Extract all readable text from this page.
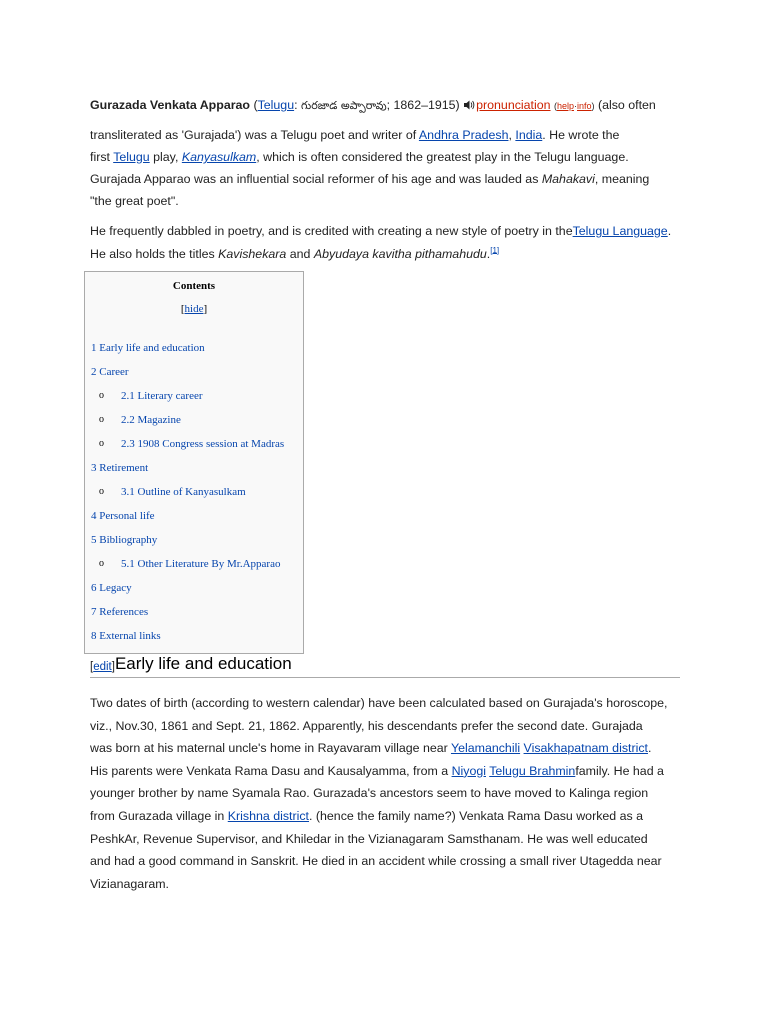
Gurazada Venkata Apparao (Telugu: గురజాడ అప్పారావు; 1862–1915) pronunciation (help·info) (also often
transliterated as 'Gurajada') was a Telugu poet and writer of Andhra Pradesh, India. He wrote the
first Telugu play, Kanyasulkam, which is often considered the greatest play in the Telugu language.
Gurajada Apparao was an influential social reformer of his age and was lauded as Mahakavi, meaning
"the great poet".

He frequently dabbled in poetry, and is credited with creating a new style of poetry in theTelugu Language. He also holds the titles Kavishekara and Abyudaya kavitha pithamahudu.[1]

Contents
[hide]
1 Early life and education
2 Career
o 2.1 Literary career
o 2.2 Magazine
o 2.3 1908 Congress session at Madras
3 Retirement
o 3.1 Outline of Kanyasulkam
4 Personal life
5 Bibliography
o 5.1 Other Literature By Mr.Apparao
6 Legacy
7 References
8 External links
[edit]Early life and education
Two dates of birth (according to western calendar) have been calculated based on Gurajada's horoscope,
viz., Nov.30, 1861 and Sept. 21, 1862. Apparently, his descendants prefer the second date. Gurajada
was born at his maternal uncle's home in Rayavaram village near Yelamanchili Visakhapatnam district.
His parents were Venkata Rama Dasu and Kausalyamma, from a Niyogi Telugu Brahminfamily. He had a
younger brother by name Syamala Rao. Gurazada's ancestors seem to have moved to Kalinga region
from Gurazada village in Krishna district. (hence the family name?) Venkata Rama Dasu worked as a
PeshkAr, Revenue Supervisor, and Khiledar in the Vizianagaram Samsthanam. He was well educated
and had a good command in Sanskrit. He died in an accident while crossing a small river Utagedda near
Vizianagaram.
